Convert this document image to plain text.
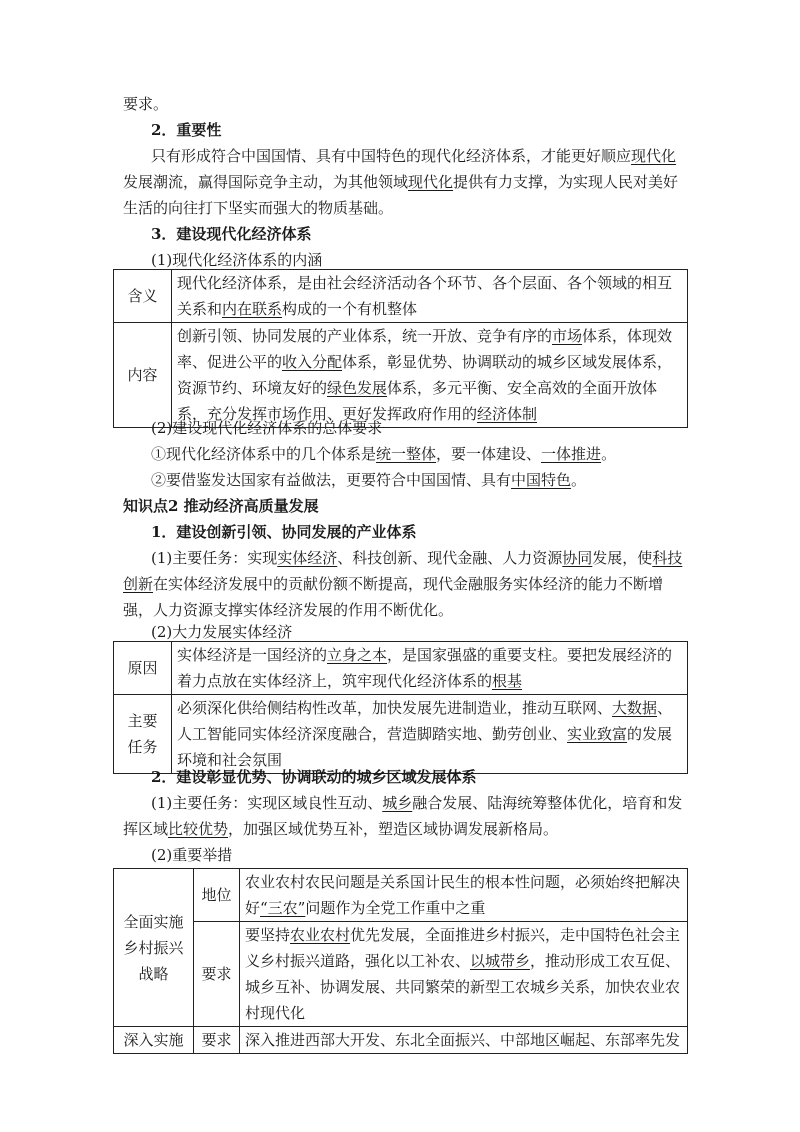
要求。
2．重要性
只有形成符合中国国情、具有中国特色的现代化经济体系，才能更好顺应现代化发展潮流，赢得国际竞争主动，为其他领域现代化提供有力支撑，为实现人民对美好生活的向往打下坚实而强大的物质基础。
3．建设现代化经济体系
(1)现代化经济体系的内涵
含义	现代化经济体系，是由社会经济活动各个环节、各个层面、各个领域的相互关系和内在联系构成的一个有机整体
内容	创新引领、协同发展的产业体系，统一开放、竞争有序的市场体系，体现效率、促进公平的收入分配体系，彰显优势、协调联动的城乡区域发展体系，资源节约、环境友好的绿色发展体系，多元平衡、安全高效的全面开放体系，充分发挥市场作用、更好发挥政府作用的经济体制
(2)建设现代化经济体系的总体要求
①现代化经济体系中的几个体系是统一整体，要一体建设、一体推进。
②要借鉴发达国家有益做法，更要符合中国国情、具有中国特色。
知识点2 推动经济高质量发展
1．建设创新引领、协同发展的产业体系
(1)主要任务：实现实体经济、科技创新、现代金融、人力资源协同发展，使科技创新在实体经济发展中的贡献份额不断提高，现代金融服务实体经济的能力不断增强，人力资源支撑实体经济发展的作用不断优化。
(2)大力发展实体经济
原因	实体经济是一国经济的立身之本，是国家强盛的重要支柱。要把发展经济的着力点放在实体经济上，筑牢现代化经济体系的根基
主要
任务	必须深化供给侧结构性改革，加快发展先进制造业，推动互联网、大数据、人工智能同实体经济深度融合，营造脚踏实地、勤劳创业、实业致富的发展环境和社会氛围
2．建设彰显优势、协调联动的城乡区域发展体系
(1)主要任务：实现区域良性互动、城乡融合发展、陆海统筹整体优化，培育和发挥区域比较优势，加强区域优势互补，塑造区域协调发展新格局。
(2)重要举措
全面实施
乡村振兴
战略	地位	农业农村农民问题是关系国计民生的根本性问题，必须始终把解决好“三农”问题作为全党工作重中之重
	要求	要坚持农业农村优先发展，全面推进乡村振兴，走中国特色社会主义乡村振兴道路，强化以工补农、以城带乡，推动形成工农互促、城乡互补、协调发展、共同繁荣的新型工农城乡关系，加快农业农村现代化
深入实施	要求	深入推进西部大开发、东北全面振兴、中部地区崛起、东部率先发
